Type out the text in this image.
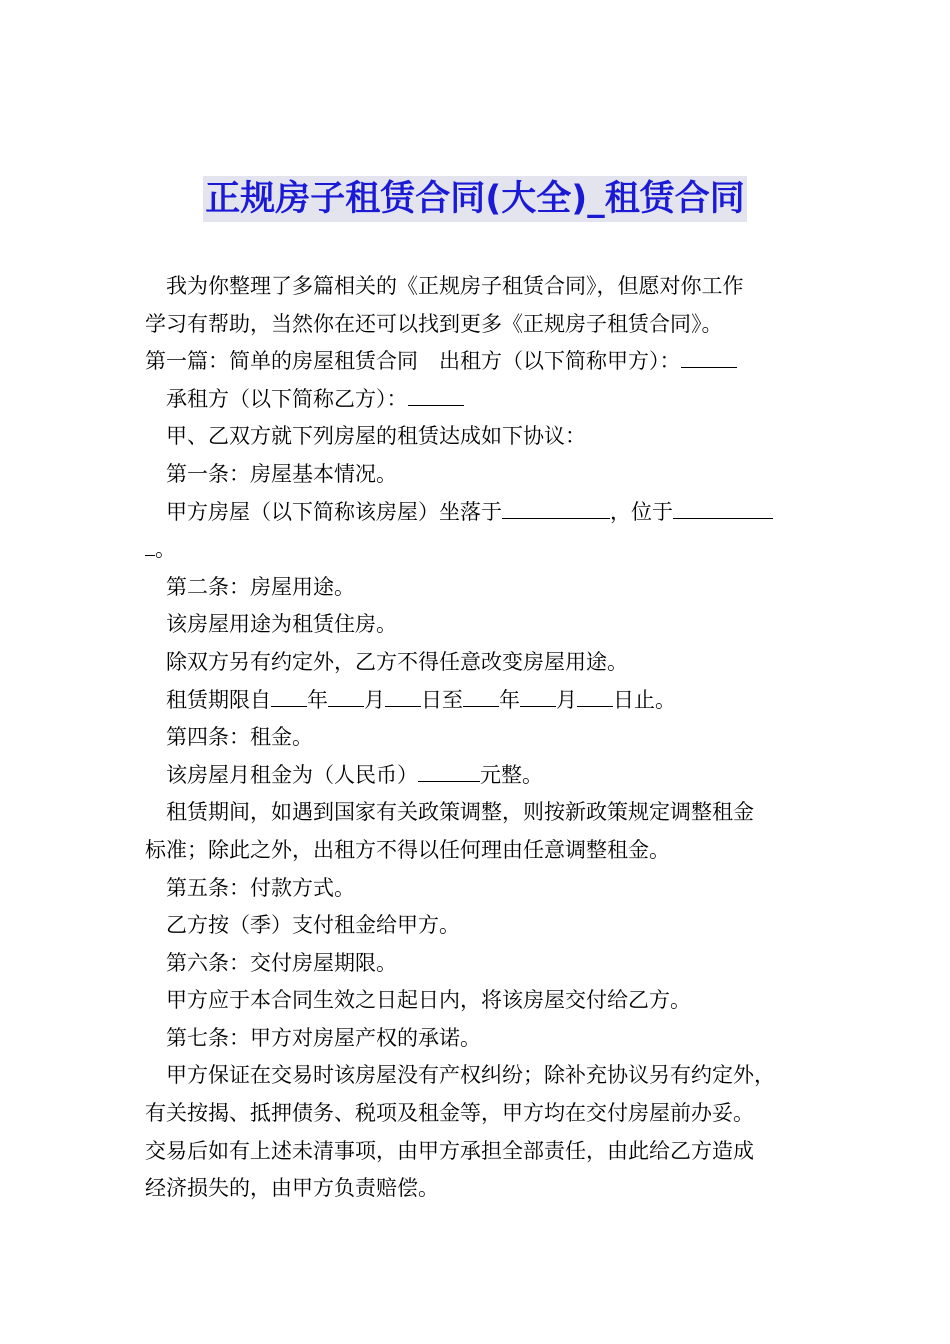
正规房子租赁合同(大全)_租赁合同
我为你整理了多篇相关的《正规房子租赁合同》，但愿对你工作
学习有帮助，当然你在还可以找到更多《正规房子租赁合同》。
第一篇：简单的房屋租赁合同　出租方（以下简称甲方）：
承租方（以下简称乙方）：
甲、乙双方就下列房屋的租赁达成如下协议：
第一条：房屋基本情况。
甲方房屋（以下简称该房屋）坐落于	，位于
。
第二条：房屋用途。
该房屋用途为租赁住房。
除双方另有约定外，乙方不得任意改变房屋用途。
租赁期限自 年 月 日至 年 月 日止。
第四条：租金。
该房屋月租金为（人民币）	元整。
租赁期间，如遇到国家有关政策调整，则按新政策规定调整租金
标准；除此之外，出租方不得以任何理由任意调整租金。
第五条：付款方式。
乙方按（季）支付租金给甲方。
第六条：交付房屋期限。
甲方应于本合同生效之日起日内，将该房屋交付给乙方。
第七条：甲方对房屋产权的承诺。
甲方保证在交易时该房屋没有产权纠纷；除补充协议另有约定外，
有关按揭、抵押债务、税项及租金等，甲方均在交付房屋前办妥。
交易后如有上述未清事项，由甲方承担全部责任，由此给乙方造成
经济损失的，由甲方负责赔偿。
